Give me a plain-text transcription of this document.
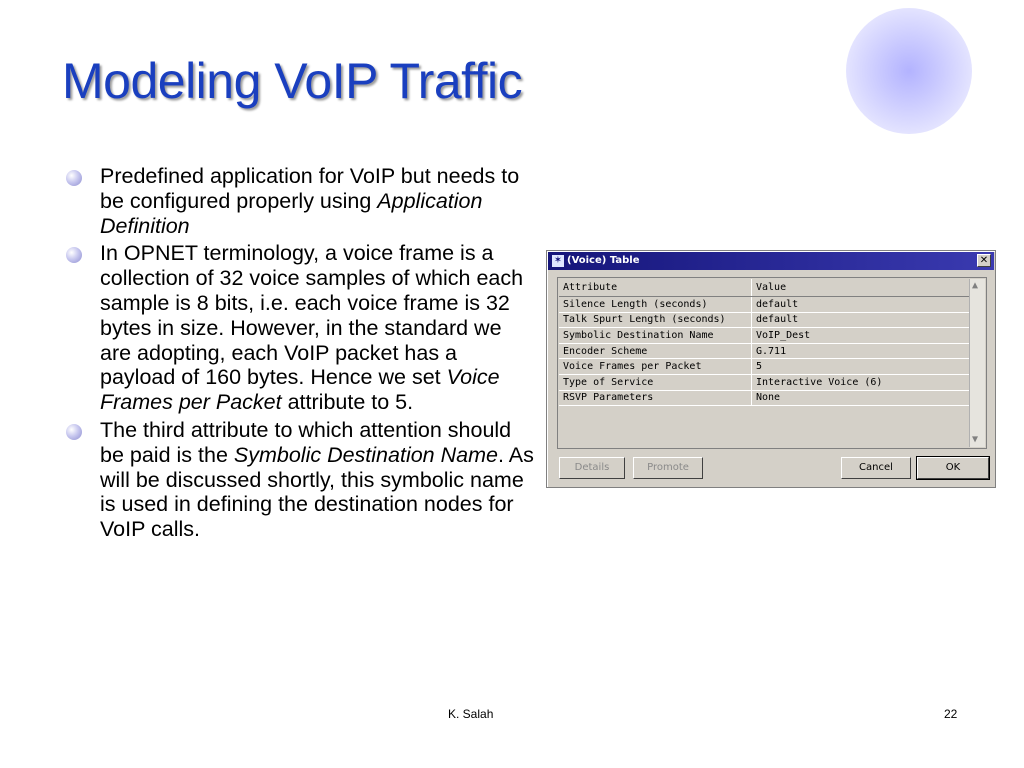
Modeling VoIP Traffic
Predefined application for VoIP but needs to be configured properly using Application Definition
In OPNET terminology, a voice frame is a collection of 32 voice samples of which each sample is 8 bits, i.e. each voice frame is 32 bytes in size. However, in the standard we are adopting, each VoIP packet has a payload of 160 bytes. Hence we set Voice Frames per Packet attribute to 5.
The third attribute to which attention should be paid is the Symbolic Destination Name. As will be discussed shortly, this symbolic name is used in defining the destination nodes for VoIP calls.
✶ (Voice) Table	✕
Attribute	Value
Silence Length (seconds)	default
Talk Spurt Length (seconds)	default
Symbolic Destination Name	VoIP_Dest
Encoder Scheme	G.711
Voice Frames per Packet	5
Type of Service	Interactive Voice (6)
RSVP Parameters	None
▲
▼
Details	Promote	Cancel	OK
K. Salah	22
